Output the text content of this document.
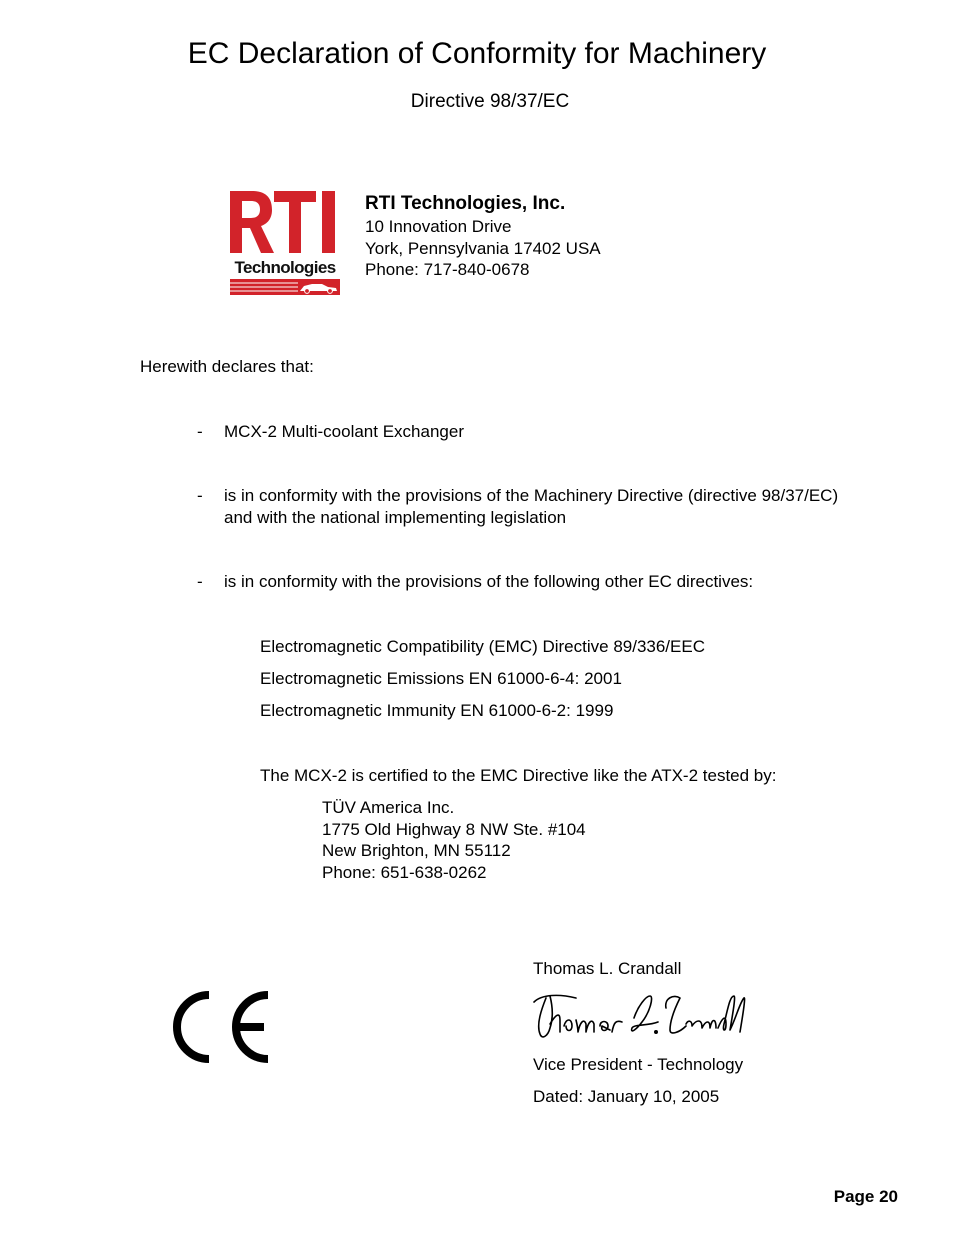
EC Declaration of Conformity for Machinery
Directive 98/37/EC
Technologies
RTI Technologies, Inc.
10 Innovation Drive
York, Pennsylvania 17402 USA
Phone: 717-840-0678
Herewith declares that:
- MCX-2 Multi-coolant Exchanger
- is in conformity with the provisions of the Machinery Directive (directive 98/37/EC)
and with the national implementing legislation
- is in conformity with the provisions of the following other EC directives:
Electromagnetic Compatibility (EMC) Directive 89/336/EEC
Electromagnetic Emissions EN 61000-6-4: 2001
Electromagnetic Immunity EN 61000-6-2: 1999
The MCX-2 is certified to the EMC Directive like the ATX-2 tested by:
TÜV America Inc.
1775 Old Highway 8 NW Ste. #104
New Brighton, MN 55112
Phone: 651-638-0262
Thomas L. Crandall
Vice President - Technology
Dated: January 10, 2005
Page 20
